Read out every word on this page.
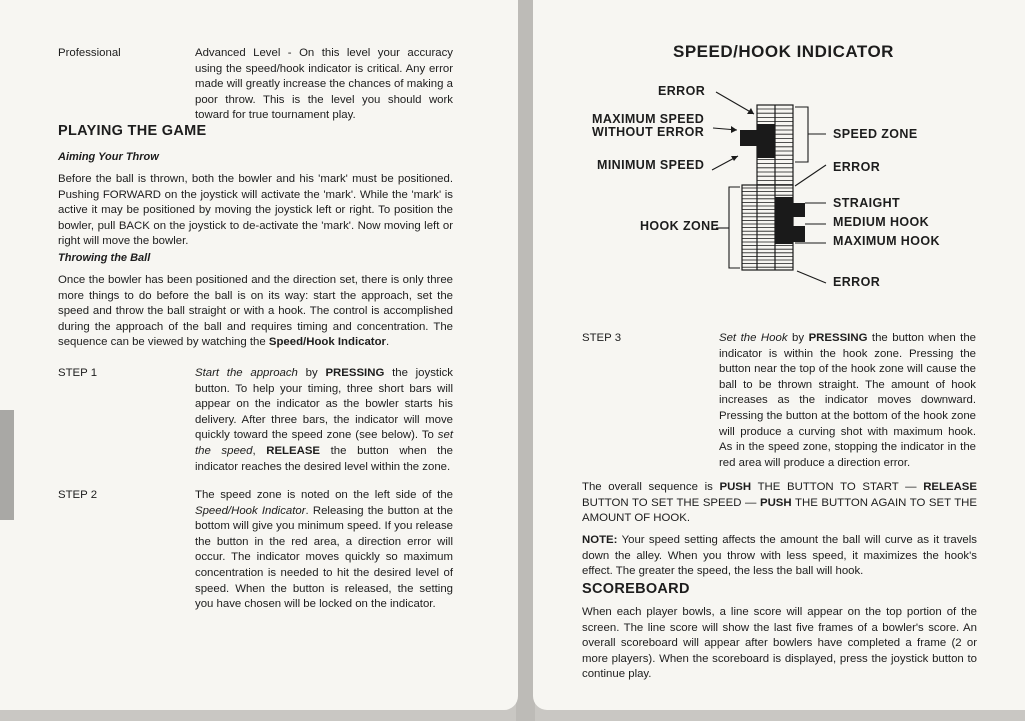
Professional	Advanced Level - On this level your accuracy using the speed/hook indicator is critical. Any error made will greatly increase the chances of making a poor throw. This is the level you should work toward for true tournament play.

PLAYING THE GAME
Aiming Your Throw

Before the ball is thrown, both the bowler and his 'mark' must be positioned. Pushing FORWARD on the joystick will activate the 'mark'. While the 'mark' is active it may be positioned by moving the joystick left or right. To position the bowler, pull BACK on the joystick to de-activate the 'mark'. Now moving left or right will move the bowler.

Throwing the Ball

Once the bowler has been positioned and the direction set, there is only three more things to do before the ball is on its way: start the approach, set the speed and throw the ball straight or with a hook. The control is accomplished during the approach of the ball and requires timing and concentration. The sequence can be viewed by watching the Speed/Hook Indicator.

STEP 1	Start the approach by PRESSING the joystick button. To help your timing, three short bars will appear on the indicator as the bowler starts his delivery. After three bars, the indicator will move quickly toward the speed zone (see below). To set the speed, RELEASE the button when the indicator reaches the desired level within the zone.

STEP 2	The speed zone is noted on the left side of the Speed/Hook Indicator. Releasing the button at the bottom will give you minimum speed. If you release the button in the red area, a direction error will occur. The indicator moves quickly so maximum concentration is needed to hit the desired level of speed. When the button is released, the setting you have chosen will be locked on the indicator.

SPEED/HOOK INDICATOR

ERROR

MAXIMUM SPEED

WITHOUT ERROR

MINIMUM SPEED

SPEED ZONE

ERROR

HOOK ZONE

STRAIGHT

MEDIUM HOOK

MAXIMUM HOOK

ERROR

STEP 3	Set the Hook by PRESSING the button when the indicator is within the hook zone. Pressing the button near the top of the hook zone will cause the ball to be thrown straight. The amount of hook increases as the indicator moves downward. Pressing the button at the bottom of the hook zone will produce a curving shot with maximum hook. As in the speed zone, stopping the indicator in the red area will produce a direction error.

The overall sequence is PUSH THE BUTTON TO START — RELEASE BUTTON TO SET THE SPEED — PUSH THE BUTTON AGAIN TO SET THE AMOUNT OF HOOK.

NOTE: Your speed setting affects the amount the ball will curve as it travels down the alley. When you throw with less speed, it maximizes the hook's effect. The greater the speed, the less the ball will hook.

SCOREBOARD

When each player bowls, a line score will appear on the top portion of the screen. The line score will show the last five frames of a bowler's score. An overall scoreboard will appear after bowlers have completed a frame (2 or more players). When the scoreboard is displayed, press the joystick button to continue play.
